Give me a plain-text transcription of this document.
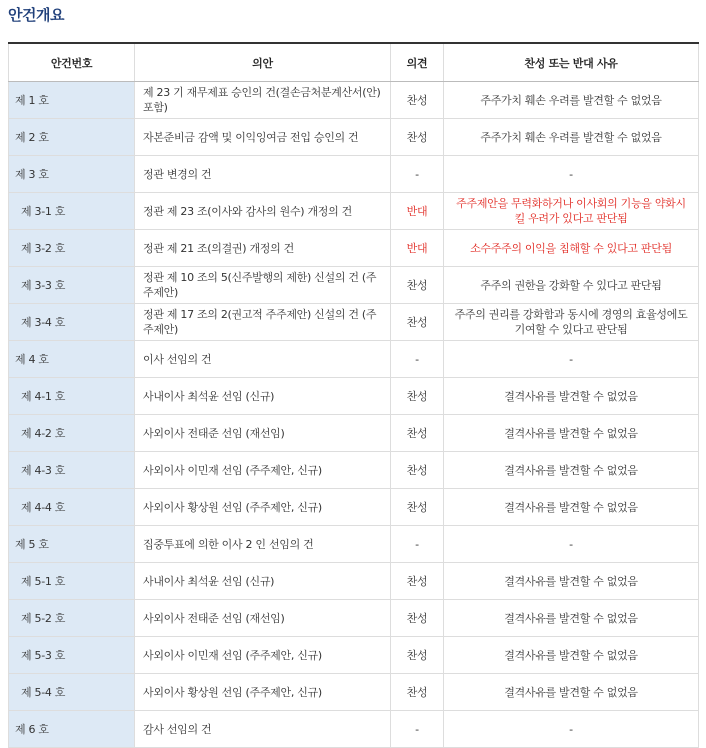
안건개요
안건번호	의안	의견	찬성 또는 반대 사유
제 1 호	제 23 기 재무제표 승인의 건(결손금처분계산서(안) 포함)	찬성	주주가치 훼손 우려를 발견할 수 없었음
제 2 호	자본준비금 감액 및 이익잉여금 전입 승인의 건	찬성	주주가치 훼손 우려를 발견할 수 없었음
제 3 호	정관 변경의 건	-	-
제 3-1 호	정관 제 23 조(이사와 감사의 원수) 개정의 건	반대	주주제안을 무력화하거나 이사회의 기능을 약화시킬 우려가 있다고 판단됨
제 3-2 호	정관 제 21 조(의결권) 개정의 건	반대	소수주주의 이익을 침해할 수 있다고 판단됨
제 3-3 호	정관 제 10 조의 5(신주발행의 제한) 신설의 건 (주주제안)	찬성	주주의 권한을 강화할 수 있다고 판단됨
제 3-4 호	정관 제 17 조의 2(권고적 주주제안) 신설의 건 (주주제안)	찬성	주주의 권리를 강화함과 동시에 경영의 효율성에도 기여할 수 있다고 판단됨
제 4 호	이사 선임의 건	-	-
제 4-1 호	사내이사 최석윤 선임 (신규)	찬성	결격사유를 발견할 수 없었음
제 4-2 호	사외이사 전태준 선임 (재선임)	찬성	결격사유를 발견할 수 없었음
제 4-3 호	사외이사 이민재 선임 (주주제안, 신규)	찬성	결격사유를 발견할 수 없었음
제 4-4 호	사외이사 황상원 선임 (주주제안, 신규)	찬성	결격사유를 발견할 수 없었음
제 5 호	집중투표에 의한 이사 2 인 선임의 건	-	-
제 5-1 호	사내이사 최석윤 선임 (신규)	찬성	결격사유를 발견할 수 없었음
제 5-2 호	사외이사 전태준 선임 (재선임)	찬성	결격사유를 발견할 수 없었음
제 5-3 호	사외이사 이민재 선임 (주주제안, 신규)	찬성	결격사유를 발견할 수 없었음
제 5-4 호	사외이사 황상원 선임 (주주제안, 신규)	찬성	결격사유를 발견할 수 없었음
제 6 호	감사 선임의 건	-	-
